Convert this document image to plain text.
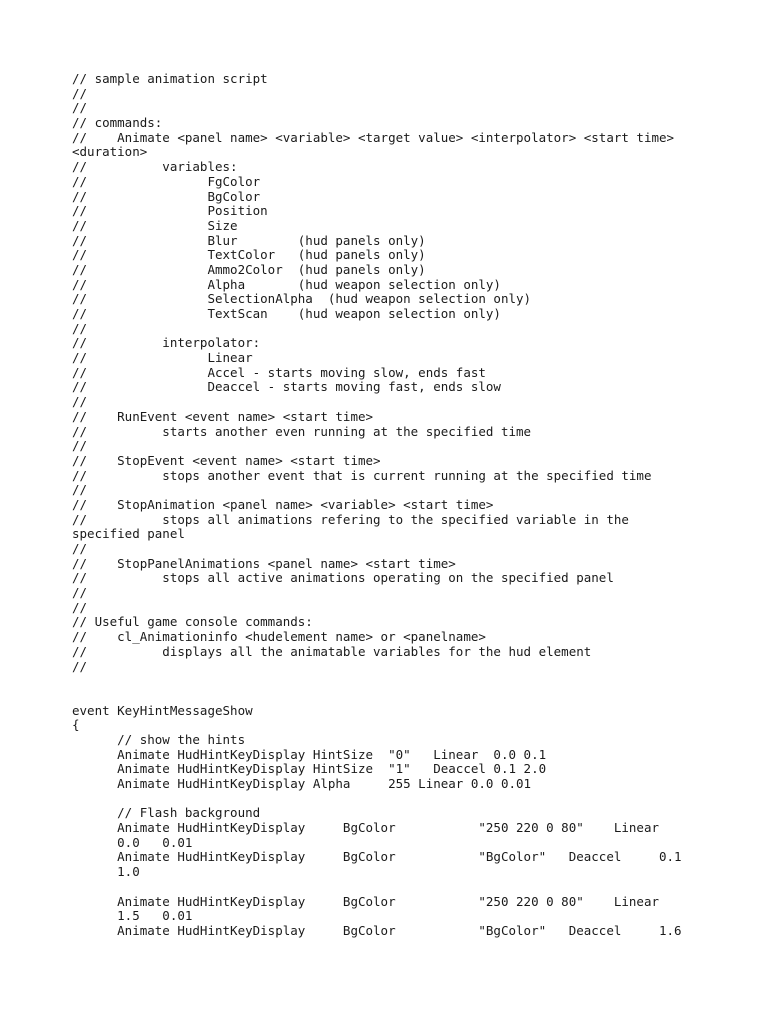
// sample animation script
//
//
// commands:
//    Animate <panel name> <variable> <target value> <interpolator> <start time>
<duration>
//          variables:
//                FgColor
//                BgColor
//                Position
//                Size
//                Blur        (hud panels only)
//                TextColor   (hud panels only)
//                Ammo2Color  (hud panels only)
//                Alpha       (hud weapon selection only)
//                SelectionAlpha  (hud weapon selection only)
//                TextScan    (hud weapon selection only)
//
//          interpolator:
//                Linear
//                Accel - starts moving slow, ends fast
//                Deaccel - starts moving fast, ends slow
//
//    RunEvent <event name> <start time>
//          starts another even running at the specified time
//
//    StopEvent <event name> <start time>
//          stops another event that is current running at the specified time
//
//    StopAnimation <panel name> <variable> <start time>
//          stops all animations refering to the specified variable in the
specified panel
//
//    StopPanelAnimations <panel name> <start time>
//          stops all active animations operating on the specified panel
//
//
// Useful game console commands:
//    cl_Animationinfo <hudelement name> or <panelname>
//          displays all the animatable variables for the hud element
//
event KeyHintMessageShow
{
// show the hints
Animate HudHintKeyDisplay HintSize  "0"   Linear  0.0 0.1
Animate HudHintKeyDisplay HintSize  "1"   Deaccel 0.1 2.0
Animate HudHintKeyDisplay Alpha     255 Linear 0.0 0.01
// Flash background
Animate HudHintKeyDisplay     BgColor           "250 220 0 80"    Linear
0.0   0.01
Animate HudHintKeyDisplay     BgColor           "BgColor"   Deaccel     0.1
1.0
Animate HudHintKeyDisplay     BgColor           "250 220 0 80"    Linear
1.5   0.01
Animate HudHintKeyDisplay     BgColor           "BgColor"   Deaccel     1.6
